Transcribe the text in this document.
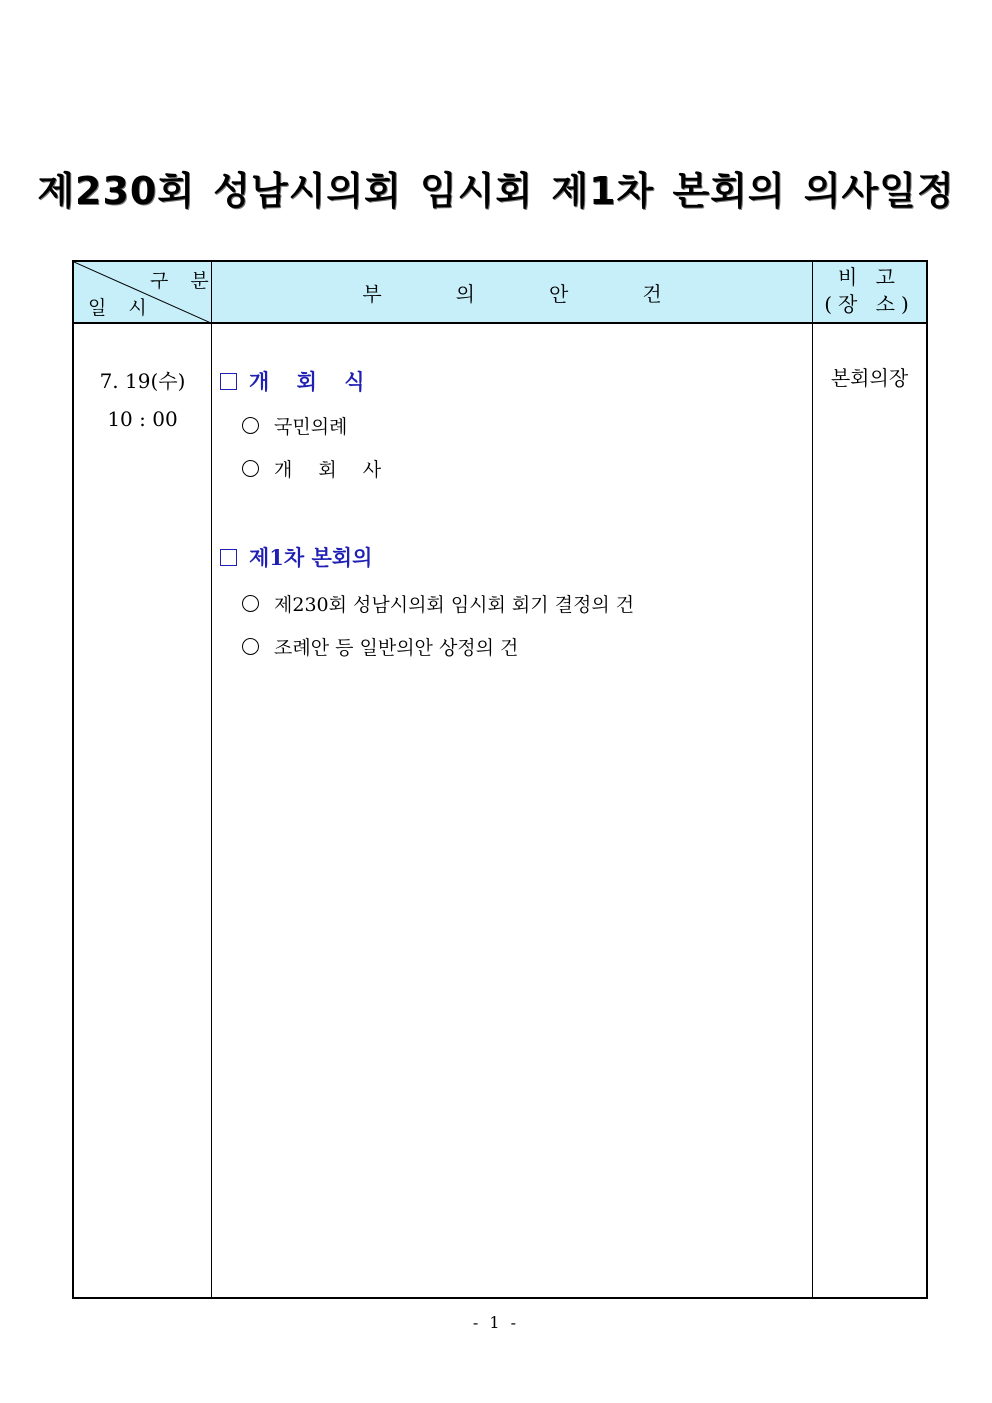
제230회 성남시의회 임시회 제1차 본회의 의사일정
구 분
일 시
부의안건
비 고
(장 소)
7. 19(수)
10 : 00
개 회 식
국민의례
개 회 사
제1차 본회의
제230회 성남시의회 임시회 회기 결정의 건
조례안 등 일반의안 상정의 건
본회의장
- 1 -
